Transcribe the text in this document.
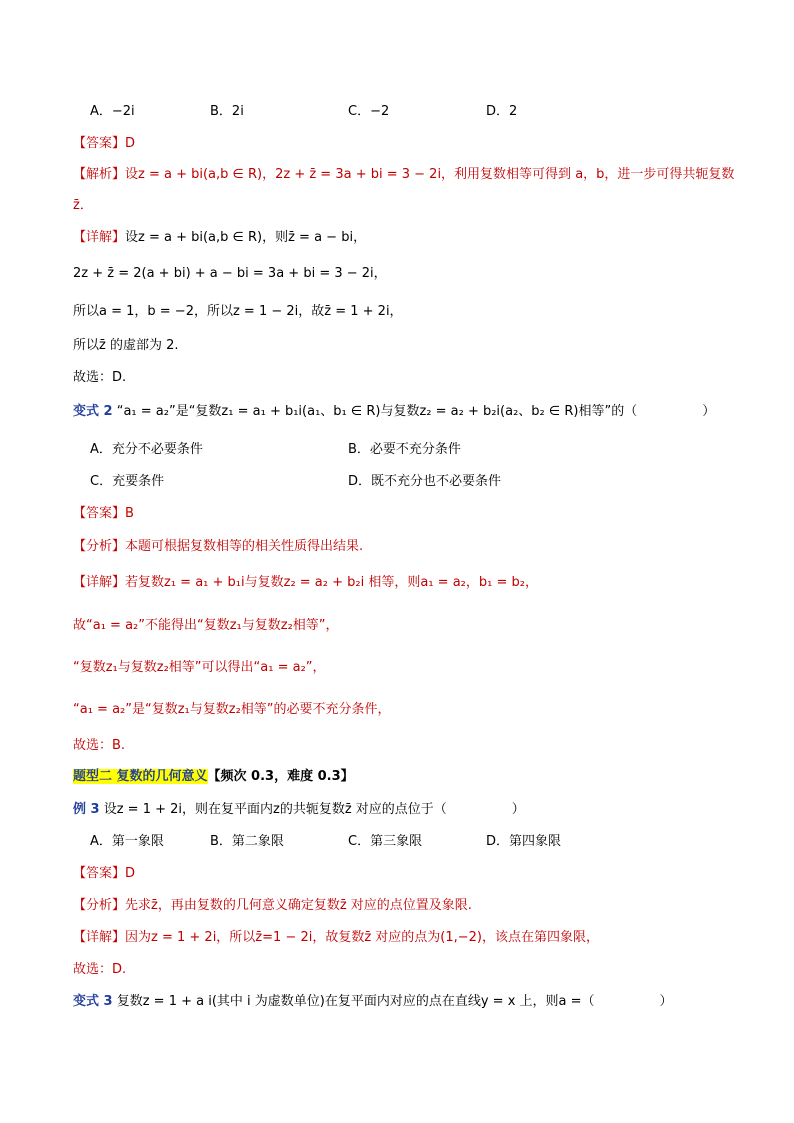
A．−2i	B．2i	C．−2	D．2
【答案】D
【解析】设z = a + bi(a,b ∈ R)，2z + z̄ = 3a + bi = 3 − 2i，利用复数相等可得到 a，b，进一步可得共轭复数
z̄．
【详解】设z = a + bi(a,b ∈ R)，则z̄ = a − bi，
2z + z̄ = 2(a + bi) + a − bi = 3a + bi = 3 − 2i，
所以a = 1，b = −2，所以z = 1 − 2i，故z̄ = 1 + 2i，
所以z̄ 的虚部为 2.
故选：D.
变式 2 “a₁ = a₂”是“复数z₁ = a₁ + b₁i(a₁、b₁ ∈ R)与复数z₂ = a₂ + b₂i(a₂、b₂ ∈ R)相等”的（　　　　　）
A．充分不必要条件	B．必要不充分条件
C．充要条件	D．既不充分也不必要条件
【答案】B
【分析】本题可根据复数相等的相关性质得出结果.
【详解】若复数z₁ = a₁ + b₁i与复数z₂ = a₂ + b₂i 相等，则a₁ = a₂，b₁ = b₂，
故“a₁ = a₂”不能得出“复数z₁与复数z₂相等”，
“复数z₁与复数z₂相等”可以得出“a₁ = a₂”，
“a₁ = a₂”是“复数z₁与复数z₂相等”的必要不充分条件，
故选：B.
题型二 复数的几何意义【频次 0.3，难度 0.3】
例 3 设z = 1 + 2i，则在复平面内z的共轭复数z̄ 对应的点位于（　　　　　）
A．第一象限	B．第二象限	C．第三象限	D．第四象限
【答案】D
【分析】先求z̄，再由复数的几何意义确定复数z̄ 对应的点位置及象限.
【详解】因为z = 1 + 2i，所以z̄=1 − 2i，故复数z̄ 对应的点为(1,−2)，该点在第四象限，
故选：D.
变式 3 复数z = 1 + a i(其中 i 为虚数单位)在复平面内对应的点在直线y = x 上，则a =（　　　　　）
